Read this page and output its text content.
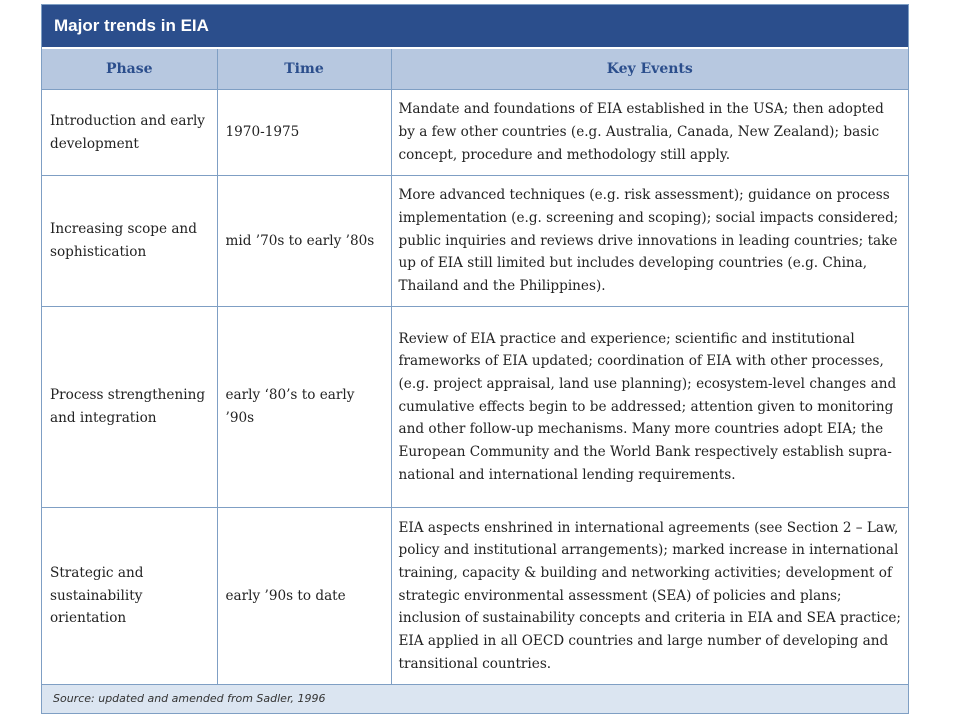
Major trends in EIA
Phase	Time	Key Events
Introduction and early development	1970-1975	Mandate and foundations of EIA established in the USA; then adopted by a few other countries (e.g. Australia, Canada, New Zealand); basic concept, procedure and methodology still apply.
Increasing scope and sophistication	mid ’70s to early ’80s	More advanced techniques (e.g. risk assessment); guidance on process implementation (e.g. screening and scoping); social impacts considered; public inquiries and reviews drive innovations in leading countries; take up of EIA still limited but includes developing countries (e.g. China, Thailand and the Philippines).
Process strengthening and integration	early ‘80’s to early ’90s	Review of EIA practice and experience; scientific and institutional frameworks of EIA updated; coordination of EIA with other processes, (e.g. project appraisal, land use planning); ecosystem-level changes and cumulative effects begin to be addressed; attention given to monitoring and other follow-up mechanisms. Many more countries adopt EIA; the European Community and the World Bank respectively establish supra-national and international lending requirements.
Strategic and sustainability orientation	early ’90s to date	EIA aspects enshrined in international agreements (see Section 2 – Law, policy and institutional arrangements); marked increase in international training, capacity & building and networking activities; development of strategic environmental assessment (SEA) of policies and plans; inclusion of sustainability concepts and criteria in EIA and SEA practice; EIA applied in all OECD countries and large number of developing and transitional countries.
Source: updated and amended from Sadler, 1996
